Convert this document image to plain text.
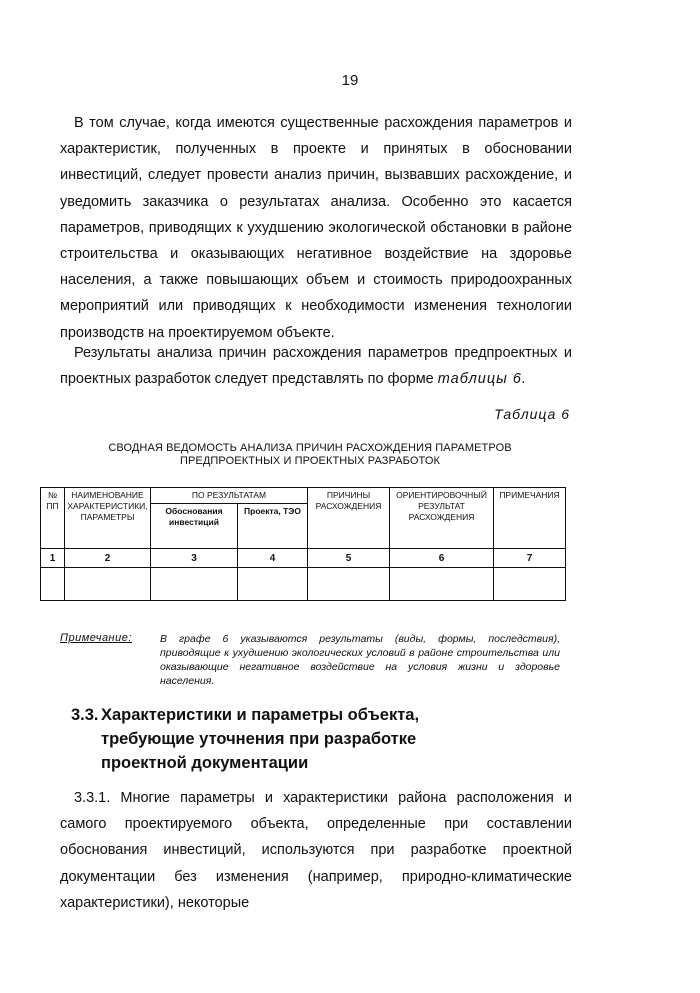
19

В том случае, когда имеются существенные расхождения параметров и характеристик, полученных в проекте и принятых в обосновании инвестиций, следует провести анализ причин, вызвавших расхождение, и уведомить заказчика о результатах анализа. Особенно это касается параметров, приводящих к ухудшению экологической обстановки в районе строительства и оказывающих негативное воздействие на здоровье населения, а также повышающих объем и стоимость природоохранных мероприятий или приводящих к необходимости изменения технологии производств на проектируемом объекте.

Результаты анализа причин расхождения параметров предпроектных и проектных разработок следует представлять по форме таблицы 6.

Таблица 6
СВОДНАЯ ВЕДОМОСТЬ АНАЛИЗА ПРИЧИН РАСХОЖДЕНИЯ ПАРАМЕТРОВ ПРЕДПРОЕКТНЫХ И ПРОЕКТНЫХ РАЗРАБОТОК
№ ПП	НАИМЕНОВАНИЕ ХАРАКТЕРИСТИКИ, ПАРАМЕТРЫ	ПО РЕЗУЛЬТАТАМ		ПРИЧИНЫ РАСХОЖДЕНИЯ	ОРИЕНТИРОВОЧНЫЙ РЕЗУЛЬТАТ РАСХОЖДЕНИЯ	ПРИМЕЧАНИЯ
		Обоснования инвестиций	Проекта, ТЭО			
1	2	3	4	5	6	7

Примечание:	В графе 6 указываются результаты (виды, формы, последствия), приводящие к ухудшению экологических условий в районе строительства или оказывающие негативное воздействие на условия жизни и здоровье населения.
3.3. Характеристики и параметры объекта,
требующие уточнения при разработке
проектной документации

3.3.1. Многие параметры и характеристики района расположения и самого проектируемого объекта, определенные при составлении обоснования инвестиций, используются при разработке проектной документации без изменения (например, природно-климатические характеристики), некоторые
